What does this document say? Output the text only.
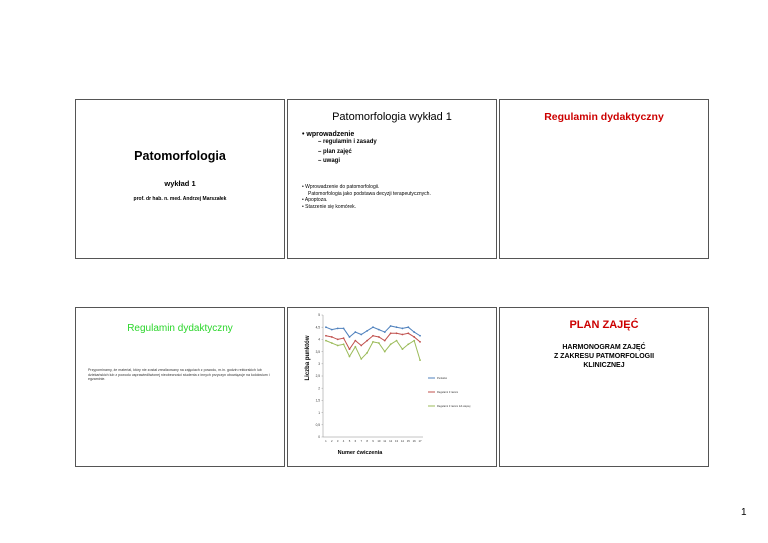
Patomorfologia
wykład 1
prof. dr hab. n. med. Andrzej Marszałek
Patomorfologia wykład 1
• wprowadzenie
– regulamin i zasady
– plan zajęć
– uwagi
• Wprowadzenie do patomorfologii.
Patomorfologia jako podstawa decyzji terapeutycznych.
• Apoptoza.
• Starzenie się komórek.
Regulamin dydaktyczny
Regulamin dydaktyczny
Przypominamy, że materiał, który nie został zrealizowany na zajęciach z powodu, m.in. godzin rektorskich lub dziekańskich lub z powodu usprawiedliwionej nieobecności studenta z innych przyczyn obowiązuje na kolokwium i egzaminie.
0
0,5
1
1,5
2
2,5
3
3,5
4
4,5
5
1 2 3 4 5 6 7 8 9 10 11 12 13 14 15 16 17
Punktów
Regularni 3 razem
Regularni 3 razem lub więcej
Liczba punktów
Numer ćwiczenia
PLAN ZAJĘĆ
HARMONOGRAM ZAJĘĆ
Z ZAKRESU PATMORFOLOGII
KLINICZNEJ
1
